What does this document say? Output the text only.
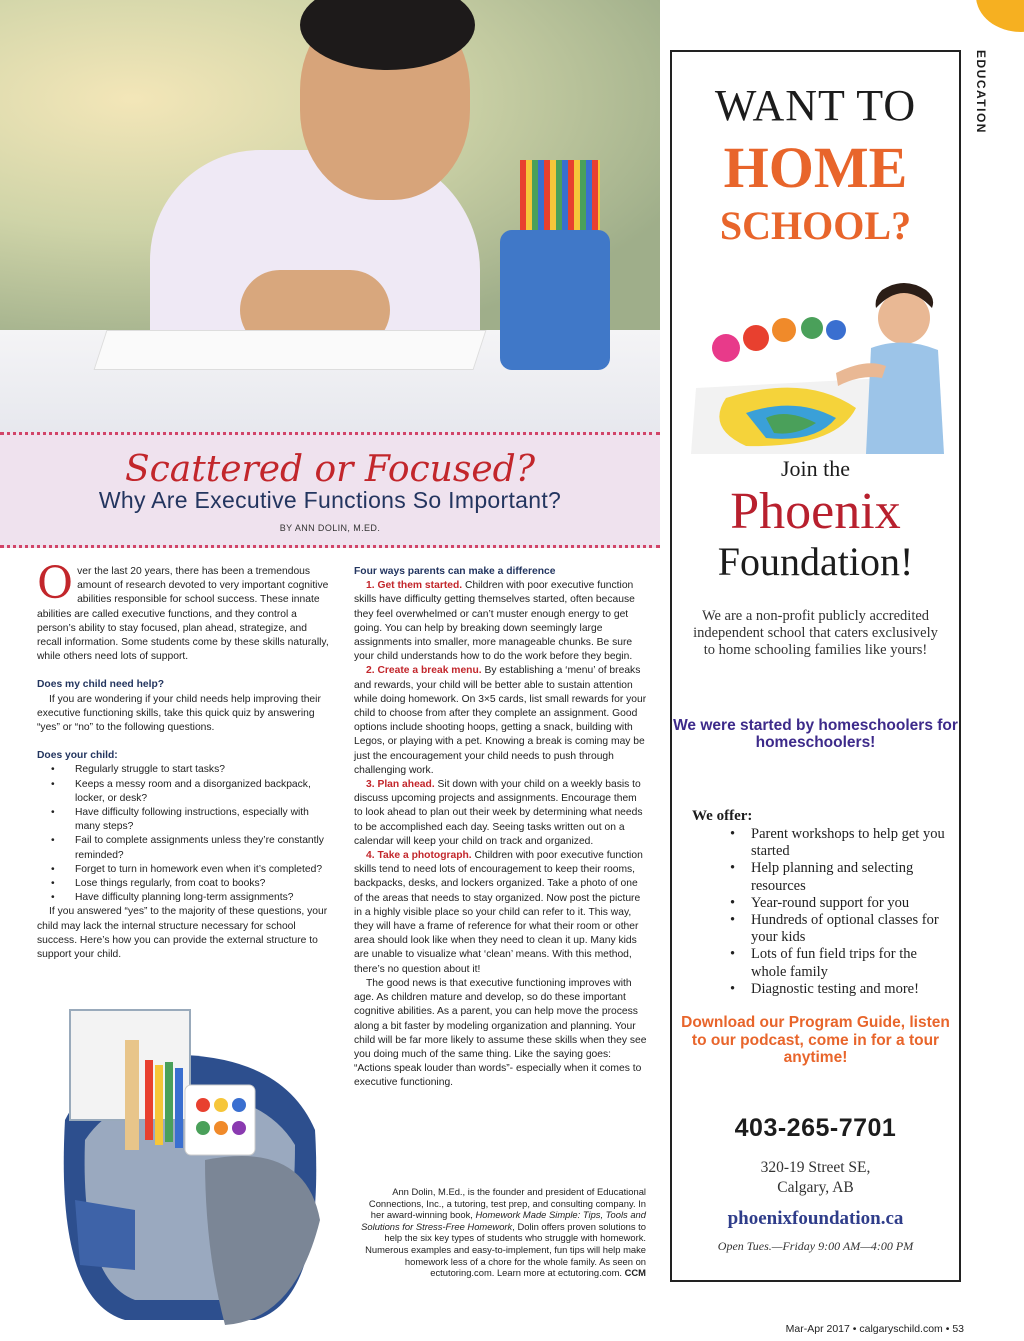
EDUCATION
Scattered or Focused?
Why Are Executive Functions So Important?
BY ANN DOLIN, M.ED.

Over the last 20 years, there has been a tremendous amount of research devoted to very important cognitive abilities responsible for school success. These innate abilities are called executive functions, and they control a person’s ability to stay focused, plan ahead, strategize, and recall information. Some students come by these skills naturally, while others need lots of support.

Does my child need help?

If you are wondering if your child needs help improving their executive functioning skills, take this quick quiz by answering “yes” or “no” to the following questions.

Does your child:
• Regularly struggle to start tasks?
• Keeps a messy room and a disorganized backpack, locker, or desk?
• Have difficulty following instructions, especially with many steps?
• Fail to complete assignments unless they’re constantly reminded?
• Forget to turn in homework even when it’s completed?
• Lose things regularly, from coat to books?
• Have difficulty planning long-term assignments?

If you answered “yes” to the majority of these questions, your child may lack the internal structure necessary for school success. Here’s how you can provide the external structure to support your child.

Four ways parents can make a difference

1. Get them started. Children with poor executive function skills have difficulty getting themselves started, often because they feel overwhelmed or can’t muster enough energy to get going. You can help by breaking down seemingly large assignments into smaller, more manageable chunks. Be sure your child understands how to do the work before they begin.

2. Create a break menu. By establishing a ‘menu’ of breaks and rewards, your child will be better able to sustain attention while doing homework. On 3×5 cards, list small rewards for your child to choose from after they complete an assignment. Good options include shooting hoops, getting a snack, building with Legos, or playing with a pet. Knowing a break is coming may be just the encouragement your child needs to push through challenging work.

3. Plan ahead. Sit down with your child on a weekly basis to discuss upcoming projects and assignments. Encourage them to look ahead to plan out their week by determining what needs to be accomplished each day. Seeing tasks written out on a calendar will keep your child on track and organized.

4. Take a photograph. Children with poor executive function skills tend to need lots of encouragement to keep their rooms, backpacks, desks, and lockers organized. Take a photo of one of the areas that needs to stay organized. Now post the picture in a highly visible place so your child can refer to it. This way, they will have a frame of reference for what their room or other area should look like when they need to clean it up. Many kids are unable to visualize what ‘clean’ means. With this method, there’s no question about it!

The good news is that executive functioning improves with age. As children mature and develop, so do these important cognitive abilities. As a parent, you can help move the process along a bit faster by modeling organization and planning. Your child will be far more likely to assume these skills when they see you doing much of the same thing. Like the saying goes: “Actions speak louder than words”- especially when it comes to executive functioning.

Ann Dolin, M.Ed., is the founder and president of Educational Connections, Inc., a tutoring, test prep, and consulting company. In her award-winning book, Homework Made Simple: Tips, Tools and Solutions for Stress-Free Homework, Dolin offers proven solutions to help the six key types of students who struggle with homework. Numerous examples and easy-to-implement, fun tips will help make homework less of a chore for the whole family. As seen on ectutoring.com. Learn more at ectutoring.com. CCM
WANT TO
HOME
SCHOOL?
Join the
Phoenix
Foundation!
We are a non-profit publicly accredited independent school that caters exclusively to home schooling families like yours!
We were started by homeschoolers for homeschoolers!
We offer:
• Parent workshops to help get you started
• Help planning and selecting resources
• Year-round support for you
• Hundreds of optional classes for your kids
• Lots of fun field trips for the whole family
• Diagnostic testing and more!
Download our Program Guide, listen to our podcast, come in for a tour anytime!
403-265-7701
320-19 Street SE,
Calgary, AB
phoenixfoundation.ca
Open Tues.—Friday 9:00 AM—4:00 PM
Mar-Apr 2017 • calgaryschild.com • 53
